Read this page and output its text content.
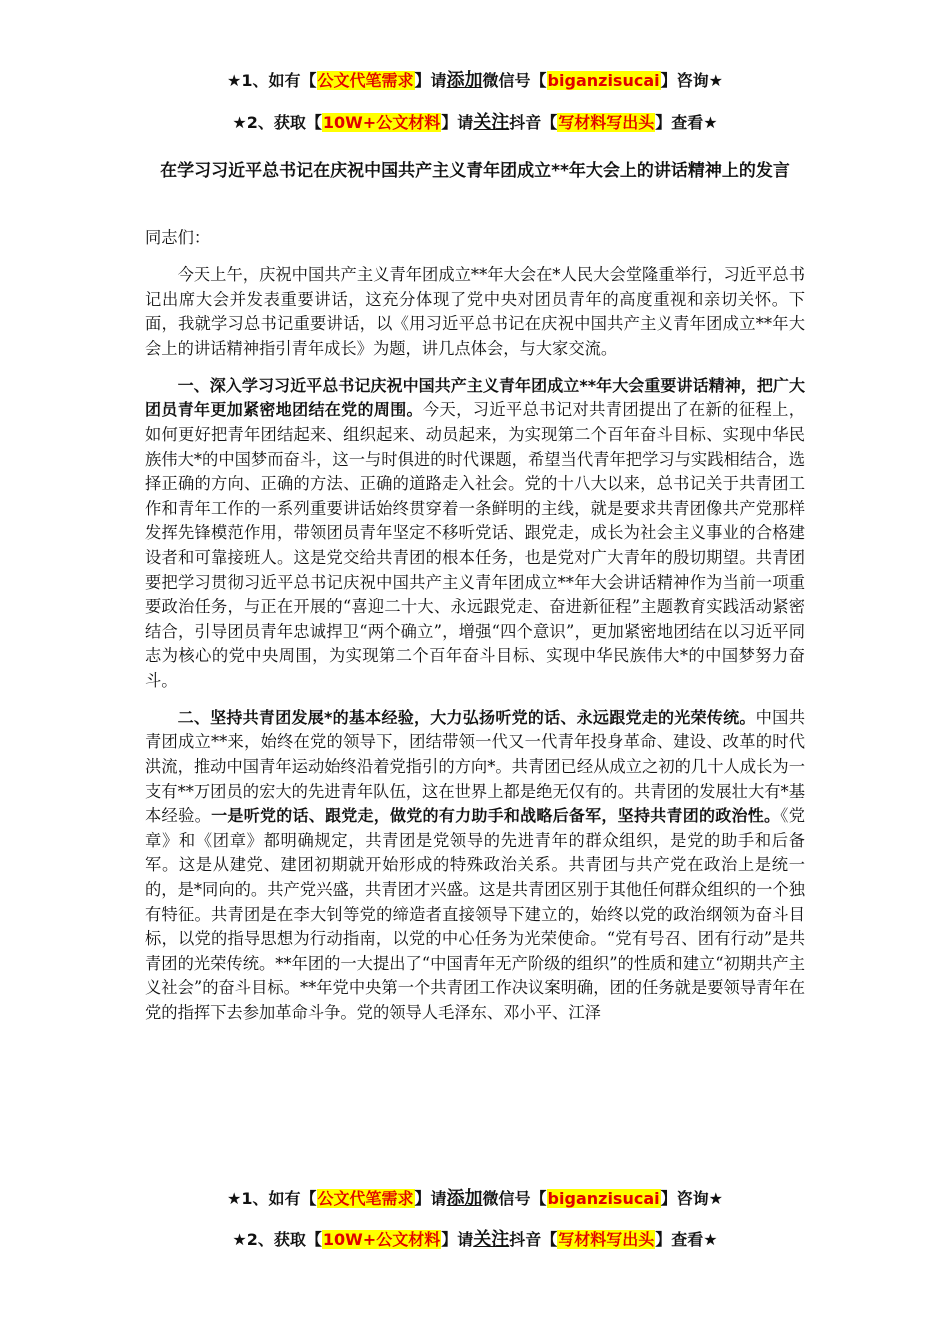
★1、如有【公文代笔需求】请添加微信号【biganzisucai】咨询★
★2、获取【10W+公文材料】请关注抖音【写材料写出头】查看★
在学习习近平总书记在庆祝中国共产主义青年团成立**年大会上的讲话精神上的发言

同志们：

今天上午，庆祝中国共产主义青年团成立**年大会在*人民大会堂隆重举行，习近平总书记出席大会并发表重要讲话，这充分体现了党中央对团员青年的高度重视和亲切关怀。下面，我就学习总书记重要讲话，以《用习近平总书记在庆祝中国共产主义青年团成立**年大会上的讲话精神指引青年成长》为题，讲几点体会，与大家交流。

一、深入学习习近平总书记庆祝中国共产主义青年团成立**年大会重要讲话精神，把广大团员青年更加紧密地团结在党的周围。今天，习近平总书记对共青团提出了在新的征程上，如何更好把青年团结起来、组织起来、动员起来，为实现第二个百年奋斗目标、实现中华民族伟大*的中国梦而奋斗，这一与时俱进的时代课题，希望当代青年把学习与实践相结合，选择正确的方向、正确的方法、正确的道路走入社会。党的十八大以来，总书记关于共青团工作和青年工作的一系列重要讲话始终贯穿着一条鲜明的主线，就是要求共青团像共产党那样发挥先锋模范作用，带领团员青年坚定不移听党话、跟党走，成长为社会主义事业的合格建设者和可靠接班人。这是党交给共青团的根本任务，也是党对广大青年的殷切期望。共青团要把学习贯彻习近平总书记庆祝中国共产主义青年团成立**年大会讲话精神作为当前一项重要政治任务，与正在开展的“喜迎二十大、永远跟党走、奋进新征程”主题教育实践活动紧密结合，引导团员青年忠诚捍卫“两个确立”，增强“四个意识”，更加紧密地团结在以习近平同志为核心的党中央周围，为实现第二个百年奋斗目标、实现中华民族伟大*的中国梦努力奋斗。

二、坚持共青团发展*的基本经验，大力弘扬听党的话、永远跟党走的光荣传统。中国共青团成立**来，始终在党的领导下，团结带领一代又一代青年投身革命、建设、改革的时代洪流，推动中国青年运动始终沿着党指引的方向*。共青团已经从成立之初的几十人成长为一支有**万团员的宏大的先进青年队伍，这在世界上都是绝无仅有的。共青团的发展壮大有*基本经验。一是听党的话、跟党走，做党的有力助手和战略后备军，坚持共青团的政治性。《党章》和《团章》都明确规定，共青团是党领导的先进青年的群众组织，是党的助手和后备军。这是从建党、建团初期就开始形成的特殊政治关系。共青团与共产党在政治上是统一的，是*同向的。共产党兴盛，共青团才兴盛。这是共青团区别于其他任何群众组织的一个独有特征。共青团是在李大钊等党的缔造者直接领导下建立的，始终以党的政治纲领为奋斗目标，以党的指导思想为行动指南，以党的中心任务为光荣使命。“党有号召、团有行动”是共青团的光荣传统。**年团的一大提出了“中国青年无产阶级的组织”的性质和建立“初期共产主义社会”的奋斗目标。**年党中央第一个共青团工作决议案明确，团的任务就是要领导青年在党的指挥下去参加革命斗争。党的领导人毛泽东、邓小平、江泽

★1、如有【公文代笔需求】请添加微信号【biganzisucai】咨询★
★2、获取【10W+公文材料】请关注抖音【写材料写出头】查看★
